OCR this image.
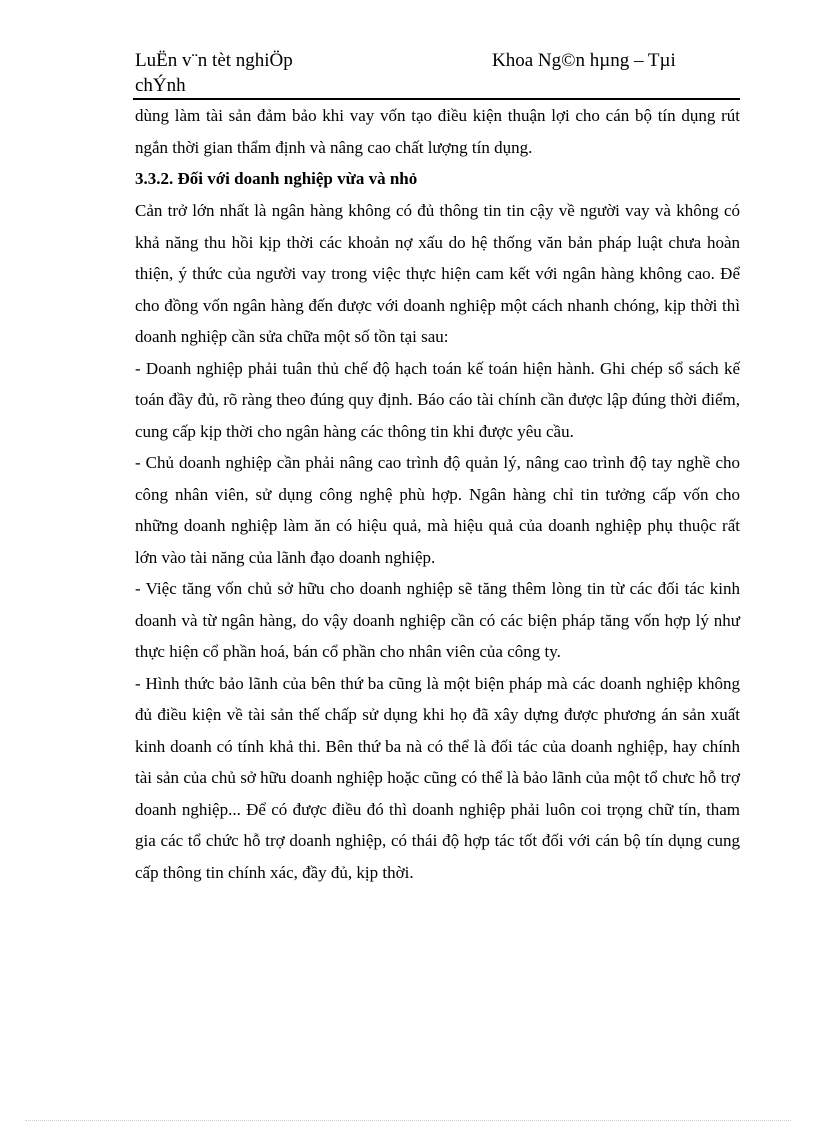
LuËn v¨n tèt nghiÖp chÝnh
Khoa Ng©n hµng – Tµi

dùng làm tài sản đảm bảo khi vay vốn tạo điều kiện thuận lợi cho cán bộ tín dụng rút ngắn thời gian thẩm định và nâng cao chất lượng tín dụng.

3.3.2. Đối với doanh nghiệp vừa và nhỏ

Cản trở lớn nhất là ngân hàng không có đủ thông tin tin cậy về người vay và không có khả năng thu hồi kịp thời các khoản nợ xấu do hệ thống văn bản pháp luật chưa hoàn thiện, ý thức của người vay trong việc thực hiện cam kết với ngân hàng không cao. Để cho đồng vốn ngân hàng đến được với doanh nghiệp một cách nhanh chóng, kịp thời thì doanh nghiệp cần sửa chữa một số tồn tại sau:

- Doanh nghiệp phải tuân thủ chế độ hạch toán kế toán hiện hành. Ghi chép sổ sách kế toán đầy đủ, rõ ràng theo đúng quy định. Báo cáo tài chính cần được lập đúng thời điểm, cung cấp kịp thời cho ngân hàng các thông tin khi được yêu cầu.

- Chủ doanh nghiệp cần phải nâng cao trình độ quản lý, nâng cao trình độ tay nghề cho công nhân viên, sử dụng công nghệ phù hợp. Ngân hàng chỉ tin tưởng cấp vốn cho những doanh nghiệp làm ăn có hiệu quả, mà hiệu quả của doanh nghiệp phụ thuộc rất lớn vào tài năng của lãnh đạo doanh nghiệp.

- Việc tăng vốn chủ sở hữu cho doanh nghiệp sẽ tăng thêm lòng tin từ các đối tác kinh doanh và từ ngân hàng, do vậy doanh nghiệp cần có các biện pháp tăng vốn hợp lý như thực hiện cổ phần hoá, bán cổ phần cho nhân viên của công ty.

- Hình thức bảo lãnh của bên thứ ba cũng là một biện pháp mà các doanh nghiệp không đủ điều kiện về tài sản thế chấp sử dụng khi họ đã xây dựng được phương án sản xuất kinh doanh có tính khả thi. Bên thứ ba nà có thể là đối tác của doanh nghiệp, hay chính tài sản của chủ sở hữu doanh nghiệp hoặc cũng có thể là bảo lãnh của một tổ chưc hỗ trợ doanh nghiệp... Để có được điều đó thì doanh nghiệp phải luôn coi trọng chữ tín, tham gia các tổ chức hỗ trợ doanh nghiệp, có thái độ hợp tác tốt đối với cán bộ tín dụng cung cấp thông tin chính xác, đầy đủ, kịp thời.
